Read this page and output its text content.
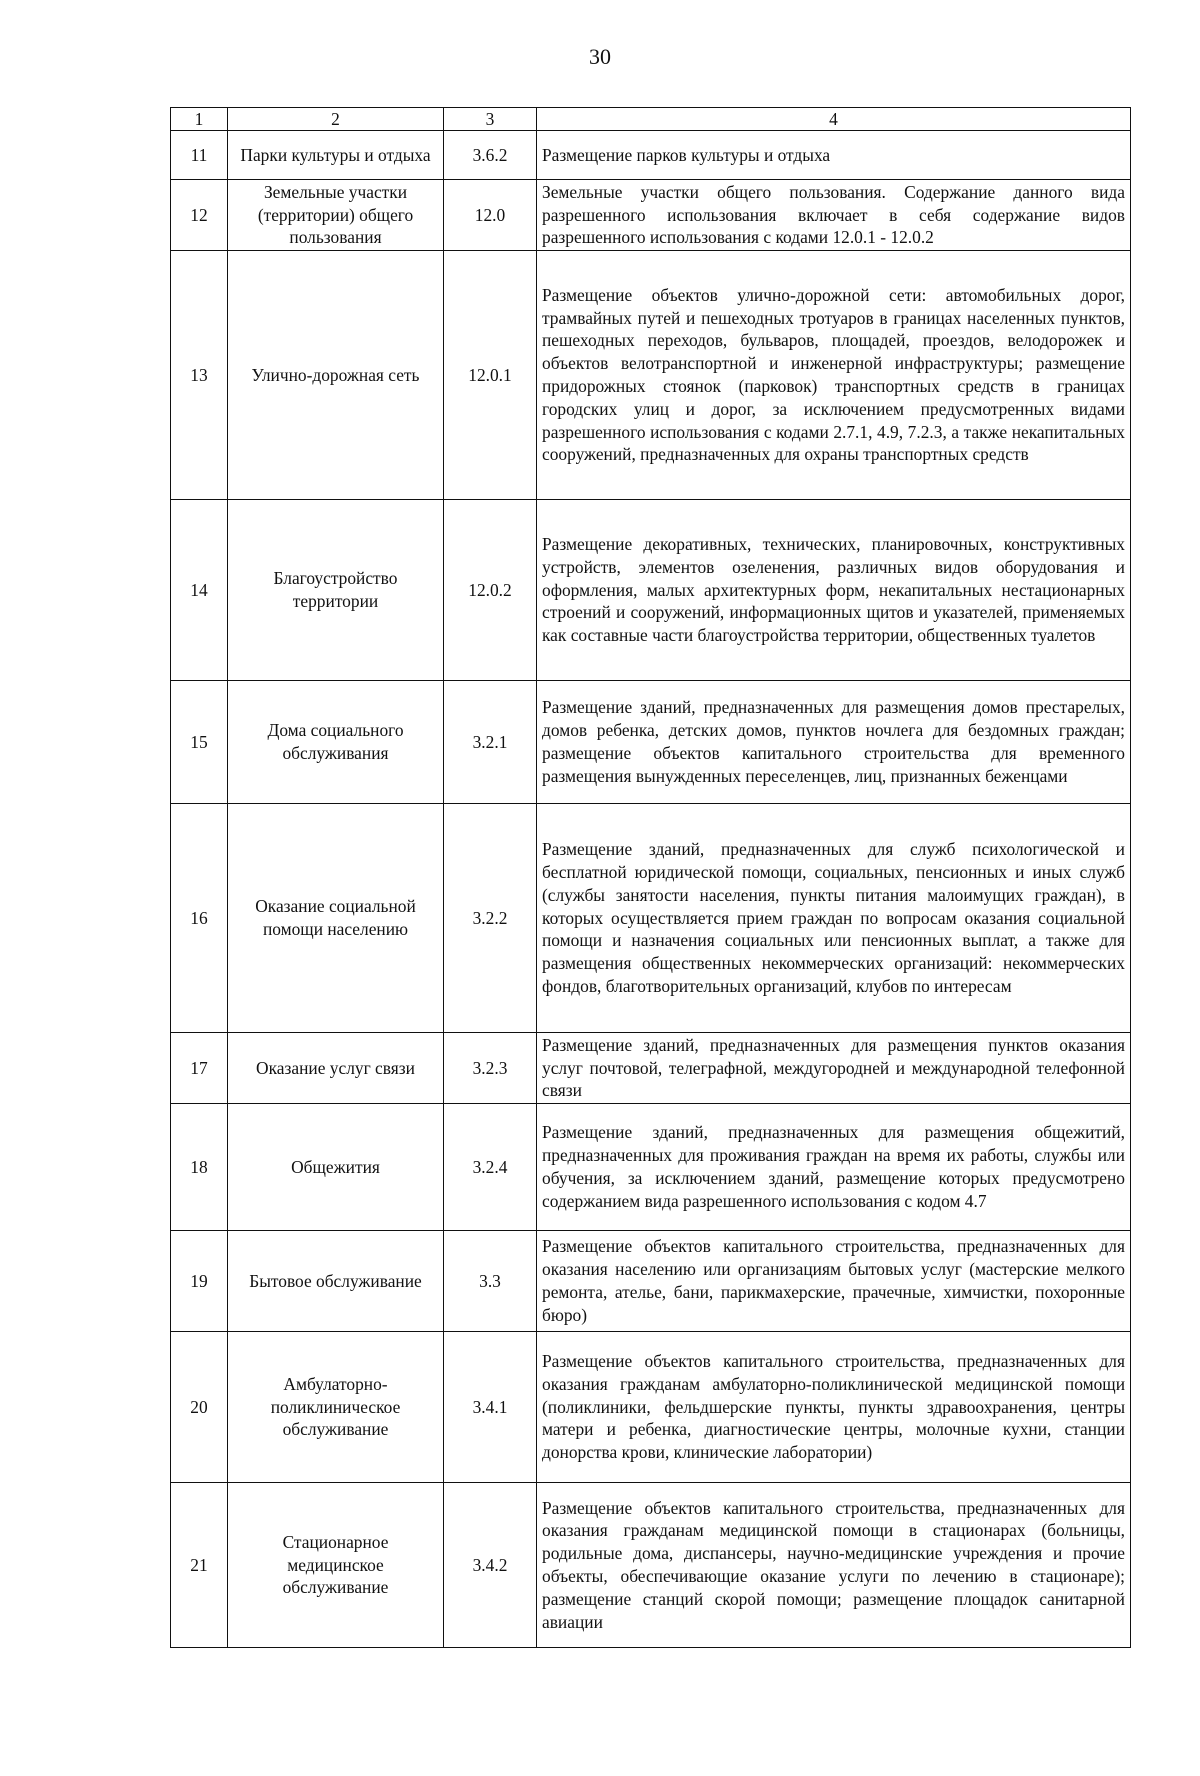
30
1	2	3	4
11	Парки культуры и отдыха	3.6.2	Размещение парков культуры и отдыха
12	Земельные участки (территории) общего пользования	12.0	Земельные участки общего пользования. Содержание данного вида разрешенного использования включает в себя содержание видов разрешенного использования с кодами 12.0.1 - 12.0.2
13	Улично-дорожная сеть	12.0.1	Размещение объектов улично-дорожной сети: автомобильных дорог, трамвайных путей и пешеходных тротуаров в границах населенных пунктов, пешеходных переходов, бульваров, площадей, проездов, велодорожек и объектов велотранспортной и инженерной инфраструктуры; размещение придорожных стоянок (парковок) транспортных средств в границах городских улиц и дорог, за исключением предусмотренных видами разрешенного использования с кодами 2.7.1, 4.9, 7.2.3, а также некапитальных сооружений, предназначенных для охраны транспортных средств
14	Благоустройство территории	12.0.2	Размещение декоративных, технических, планировочных, конструктивных устройств, элементов озеленения, различных видов оборудования и оформления, малых архитектурных форм, некапитальных нестационарных строений и сооружений, информационных щитов и указателей, применяемых как составные части благоустройства территории, общественных туалетов
15	Дома социального обслуживания	3.2.1	Размещение зданий, предназначенных для размещения домов престарелых, домов ребенка, детских домов, пунктов ночлега для бездомных граждан; размещение объектов капитального строительства для временного размещения вынужденных переселенцев, лиц, признанных беженцами
16	Оказание социальной помощи населению	3.2.2	Размещение зданий, предназначенных для служб психологической и бесплатной юридической помощи, социальных, пенсионных и иных служб (службы занятости населения, пункты питания малоимущих граждан), в которых осуществляется прием граждан по вопросам оказания социальной помощи и назначения социальных или пенсионных выплат, а также для размещения общественных некоммерческих организаций: некоммерческих фондов, благотворительных организаций, клубов по интересам
17	Оказание услуг связи	3.2.3	Размещение зданий, предназначенных для размещения пунктов оказания услуг почтовой, телеграфной, междугородней и международной телефонной связи
18	Общежития	3.2.4	Размещение зданий, предназначенных для размещения общежитий, предназначенных для проживания граждан на время их работы, службы или обучения, за исключением зданий, размещение которых предусмотрено содержанием вида разрешенного использования с кодом 4.7
19	Бытовое обслуживание	3.3	Размещение объектов капитального строительства, предназначенных для оказания населению или организациям бытовых услуг (мастерские мелкого ремонта, ателье, бани, парикмахерские, прачечные, химчистки, похоронные бюро)
20	Амбулаторно-поликлиническое обслуживание	3.4.1	Размещение объектов капитального строительства, предназначенных для оказания гражданам амбулаторно-поликлинической медицинской помощи (поликлиники, фельдшерские пункты, пункты здравоохранения, центры матери и ребенка, диагностические центры, молочные кухни, станции донорства крови, клинические лаборатории)
21	Стационарное медицинское обслуживание	3.4.2	Размещение объектов капитального строительства, предназначенных для оказания гражданам медицинской помощи в стационарах (больницы, родильные дома, диспансеры, научно-медицинские учреждения и прочие объекты, обеспечивающие оказание услуги по лечению в стационаре); размещение станций скорой помощи; размещение площадок санитарной авиации
